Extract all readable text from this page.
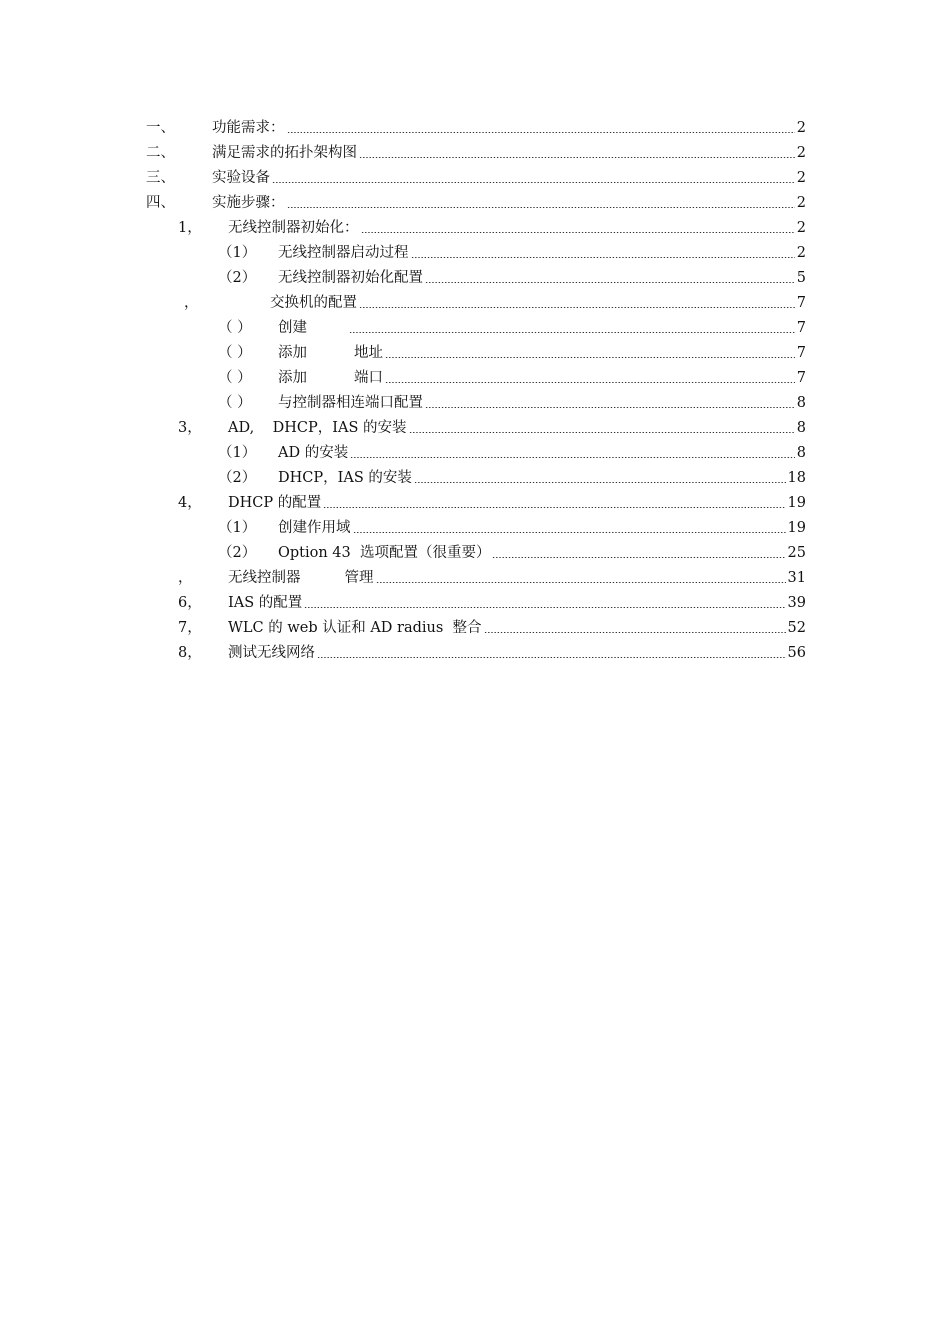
一、	功能需求：	2
二、	满足需求的拓扑架构图	2
三、	实验设备	2
四、	实施步骤：	2
1，	无线控制器初始化：	2
（1）	无线控制器启动过程	2
（2）	无线控制器初始化配置	5
，	交换机的配置	7
（ ）	创建	7
（ ）	添加	地址	7
（ ）	添加	端口	7
（ ）	与控制器相连端口配置	8
3，	AD,    DHCP，IAS 的安装	8
（1）	AD 的安装	8
（2）	DHCP，IAS 的安装	18
4，	DHCP 的配置	19
（1）	创建作用域	19
（2）	Option 43  选项配置（很重要）	25
，	无线控制器	管理	31
6，	IAS 的配置	39
7，	WLC 的 web 认证和 AD radius  整合	52
8，	测试无线网络	56
